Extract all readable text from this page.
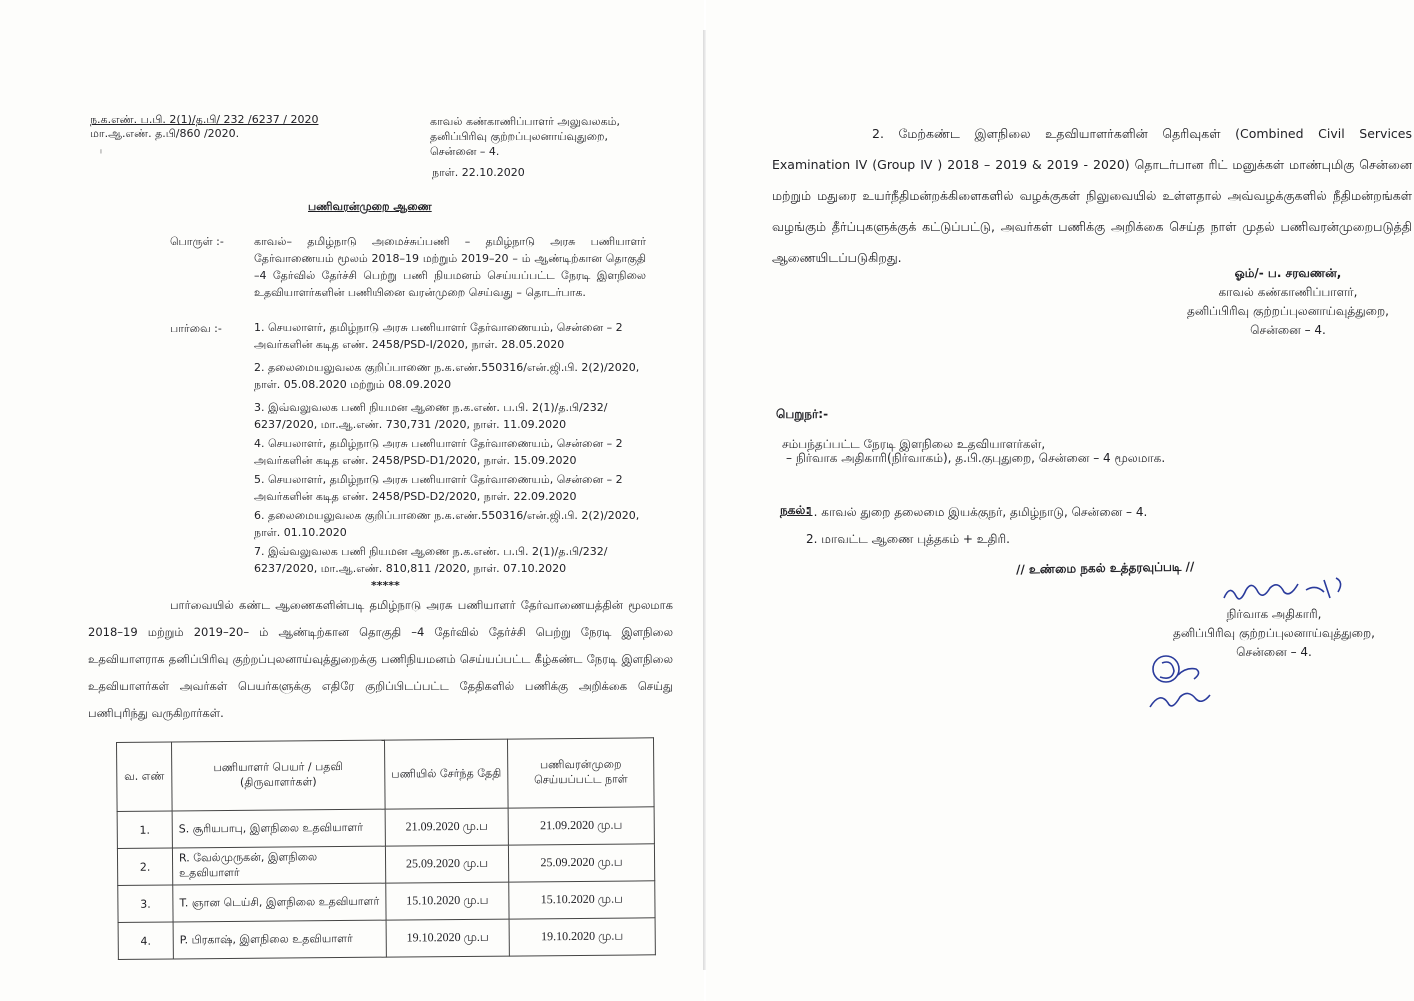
ந.க.எண். ப.பி. 2(1)/த.பி/ 232 /6237 / 2020
மா.ஆ.எண். த.பி/860 /2020.
ⁱ
காவல் கண்காணிப்பாளர் அலுவலகம்,
தனிப்பிரிவு குற்றப்புலனாய்வுதுறை,
சென்னை – 4.
நாள். 22.10.2020
பணிவரன்முறை ஆணை
பொருள் :-	காவல்– தமிழ்நாடு அமைச்சுப்பணி – தமிழ்நாடு அரசு பணியாளர் தேர்வாணையம் மூலம் 2018–19 மற்றும் 2019–20 – ம் ஆண்டிற்கான தொகுதி –4 தேர்வில் தேர்ச்சி பெற்று பணி நியமனம் செய்யப்பட்ட நேரடி இளநிலை உதவியாளர்களின் பணியினை வரன்முறை செய்வது – தொடர்பாக.
பார்வை :-	1. செயலாளர், தமிழ்நாடு அரசு பணியாளர் தேர்வாணையம், சென்னை – 2 அவர்களின் கடித எண். 2458/PSD-I/2020, நாள். 28.05.2020
2. தலைமையலுவலக குறிப்பாணை ந.க.எண்.550316/என்.ஜி.பி. 2(2)/2020, நாள். 05.08.2020 மற்றும் 08.09.2020
3. இவ்வலுவலக பணி நியமன ஆணை ந.க.எண். ப.பி. 2(1)/த.பி/232/ 6237/2020, மா.ஆ.எண். 730,731 /2020, நாள். 11.09.2020
4. செயலாளர், தமிழ்நாடு அரசு பணியாளர் தேர்வாணையம், சென்னை – 2 அவர்களின் கடித எண். 2458/PSD-D1/2020, நாள். 15.09.2020
5. செயலாளர், தமிழ்நாடு அரசு பணியாளர் தேர்வாணையம், சென்னை – 2 அவர்களின் கடித எண். 2458/PSD-D2/2020, நாள். 22.09.2020
6. தலைமையலுவலக குறிப்பாணை ந.க.எண்.550316/என்.ஜி.பி. 2(2)/2020, நாள். 01.10.2020
7. இவ்வலுவலக பணி நியமன ஆணை ந.க.எண். ப.பி. 2(1)/த.பி/232/ 6237/2020, மா.ஆ.எண். 810,811 /2020, நாள். 07.10.2020
*****
பார்வையில் கண்ட ஆணைகளின்படி தமிழ்நாடு அரசு பணியாளர் தேர்வாணையத்தின் மூலமாக 2018–19 மற்றும் 2019–20– ம் ஆண்டிற்கான தொகுதி –4 தேர்வில் தேர்ச்சி பெற்று நேரடி இளநிலை உதவியாளராக தனிப்பிரிவு குற்றப்புலனாய்வுத்துறைக்கு பணிநியமனம் செய்யப்பட்ட கீழ்கண்ட நேரடி இளநிலை உதவியாளர்கள் அவர்கள் பெயர்களுக்கு எதிரே குறிப்பிடப்பட்ட தேதிகளில் பணிக்கு அறிக்கை செய்து பணிபுரிந்து வருகிறார்கள்.
வ. எண்	பணியாளர் பெயர் / பதவி (திருவாளர்கள்)	பணியில் சேர்ந்த தேதி	பணிவரன்முறை செய்யப்பட்ட நாள்
1.	S. சூரியபாபு, இளநிலை உதவியாளர்	21.09.2020 மு.ப	21.09.2020 மு.ப
2.	R. வேல்முருகன், இளநிலை உதவியாளர்	25.09.2020 மு.ப	25.09.2020 மு.ப
3.	T. ஞான டெய்சி, இளநிலை உதவியாளர்	15.10.2020 மு.ப	15.10.2020 மு.ப
4.	P. பிரகாஷ், இளநிலை உதவியாளர்	19.10.2020 மு.ப	19.10.2020 மு.ப
2. மேற்கண்ட இளநிலை உதவியாளர்களின் தெரிவுகள் (Combined Civil Services Examination IV (Group IV ) 2018 – 2019 & 2019 - 2020) தொடர்பான ரிட் மனுக்கள் மாண்புமிகு சென்னை மற்றும் மதுரை உயர்நீதிமன்றக்கிளைகளில் வழக்குகள் நிலுவையில் உள்ளதால் அவ்வழக்குகளில் நீதிமன்றங்கள் வழங்கும் தீர்ப்புகளுக்குக் கட்டுப்பட்டு, அவர்கள் பணிக்கு அறிக்கை செய்த நாள் முதல் பணிவரன்முறைபடுத்தி ஆணையிடப்படுகிறது.
ஓம்/- ப. சரவணன்,
காவல் கண்காணிப்பாளர்,
தனிப்பிரிவு குற்றப்புலனாய்வுத்துறை,
சென்னை – 4.
பெறுநர்:-
சம்பந்தப்பட்ட நேரடி இளநிலை உதவியாளர்கள்,
– நிர்வாக அதிகாரி(நிர்வாகம்), த.பி.குபுதுறை, சென்னை – 4 மூலமாக.
நகல்:
1. காவல் துறை தலைமை இயக்குநர், தமிழ்நாடு, சென்னை – 4.
2. மாவட்ட ஆணை புத்தகம் + உதிரி.
// உண்மை நகல் உத்தரவுப்படி //
நிர்வாக அதிகாரி,
தனிப்பிரிவு குற்றப்புலனாய்வுத்துறை,
சென்னை – 4.
